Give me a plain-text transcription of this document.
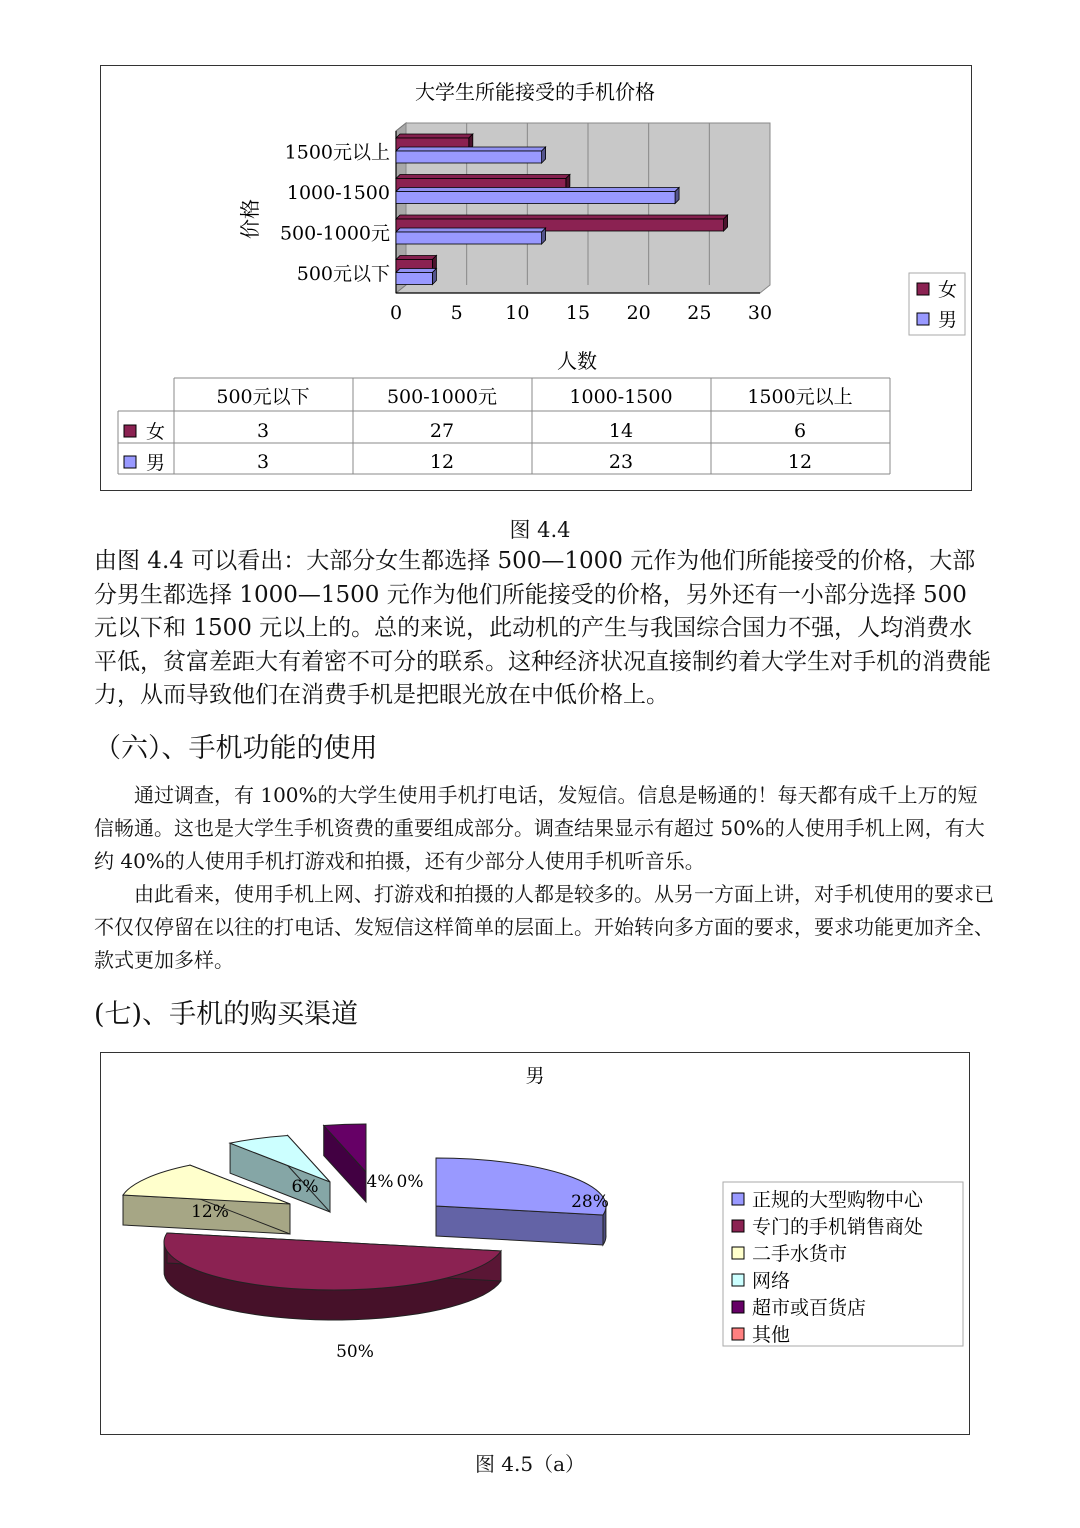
大学生所能接受的手机价格
0	5 10 15 20 25 30
500元以下
500-1000元
1000-1500
1500元以上
价格
人数
女
男
500元以下	500-1000元	1000-1500	1500元以上
女	3	27	14	6
男	3	12	23	12
图 4.4

由图 4.4 可以看出：大部分女生都选择 500—1000 元作为他们所能接受的价格，大部分男生都选择 1000—1500 元作为他们所能接受的价格，另外还有一小部分选择 500 元以下和 1500 元以上的。总的来说，此动机的产生与我国综合国力不强，人均消费水平低，贫富差距大有着密不可分的联系。这种经济状况直接制约着大学生对手机的消费能力，从而导致他们在消费手机是把眼光放在中低价格上。

（六）、手机功能的使用

通过调查，有 100%的大学生使用手机打电话，发短信。信息是畅通的！每天都有成千上万的短信畅通。这也是大学生手机资费的重要组成部分。调查结果显示有超过 50%的人使用手机上网，有大约 40%的人使用手机打游戏和拍摄，还有少部分人使用手机听音乐。

由此看来，使用手机上网、打游戏和拍摄的人都是较多的。从另一方面上讲，对手机使用的要求已不仅仅停留在以往的打电话、发短信这样简单的层面上。开始转向多方面的要求，要求功能更加齐全、款式更加多样。

(七)、手机的购买渠道
男
28%
50%
12%
6%	4% 0%
正规的大型购物中心
专门的手机销售商处
二手水货市
网络
超市或百货店
其他
图 4.5（a）
